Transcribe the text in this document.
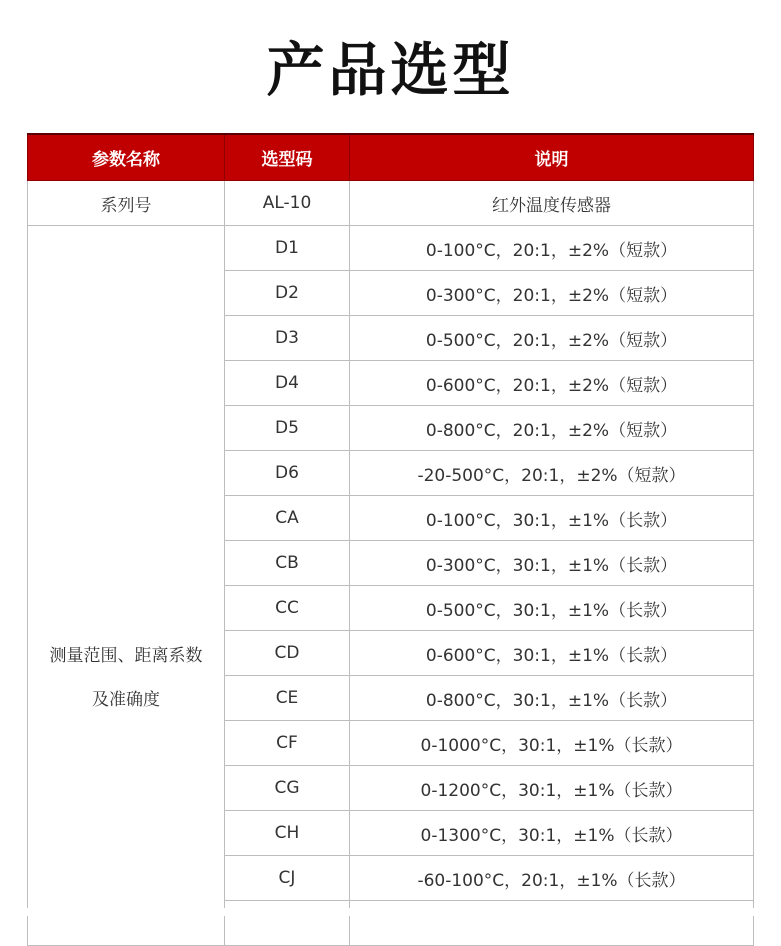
产品选型
参数名称	选型码	说明
系列号	AL-10	红外温度传感器

测量范围、距离系数
及准确度	D1	0-100°C，20:1，±2%（短款）
	D2	0-300°C，20:1，±2%（短款）
	D3	0-500°C，20:1，±2%（短款）
	D4	0-600°C，20:1，±2%（短款）
	D5	0-800°C，20:1，±2%（短款）
	D6	-20-500°C，20:1，±2%（短款）
	CA	0-100°C，30:1，±1%（长款）
	CB	0-300°C，30:1，±1%（长款）
	CC	0-500°C，30:1，±1%（长款）
	CD	0-600°C，30:1，±1%（长款）
	CE	0-800°C，30:1，±1%（长款）
	CF	0-1000°C，30:1，±1%（长款）
	CG	0-1200°C，30:1，±1%（长款）
	CH	0-1300°C，30:1，±1%（长款）
	CJ	-60-100°C，20:1，±1%（长款）
